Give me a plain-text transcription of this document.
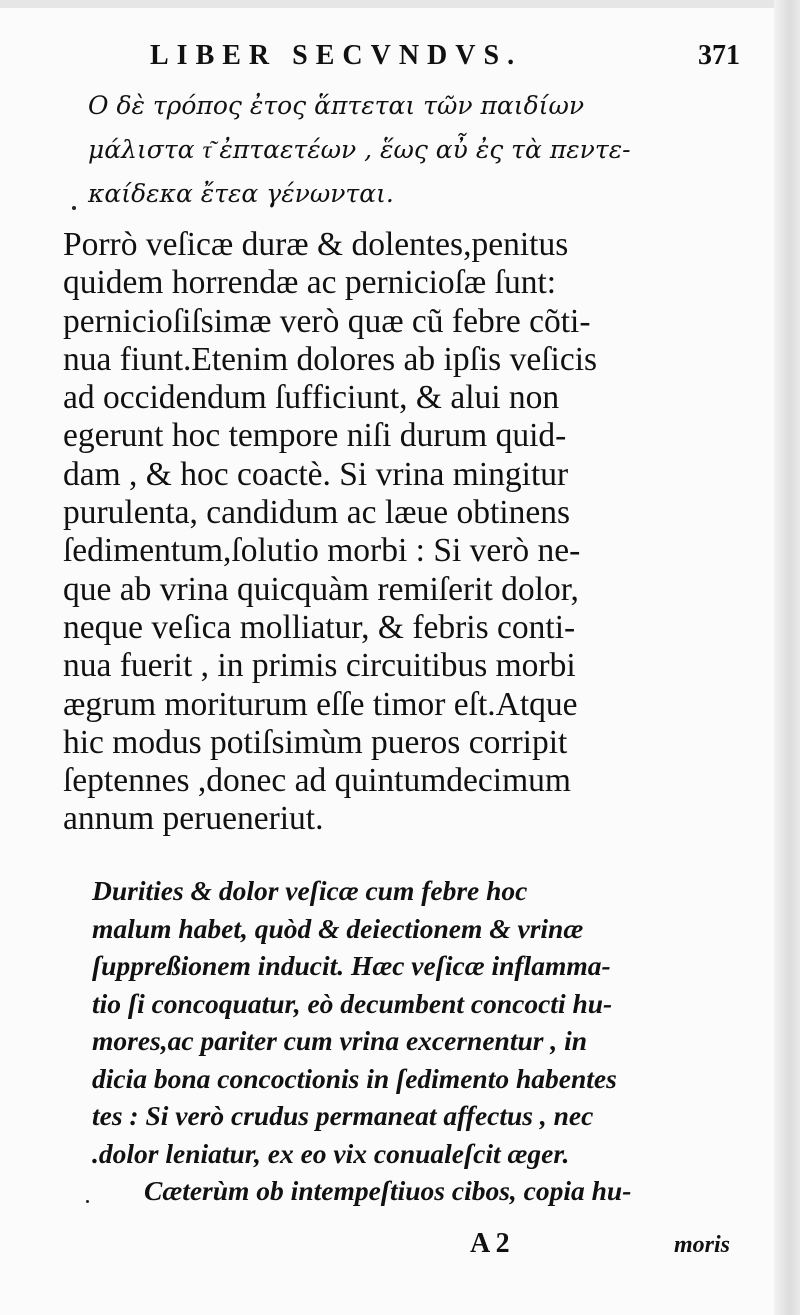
LIBER SECVNDVS.	371
Ο δὲ τρόπος ἐτος ἅπτεται τῶν παιδίων
μάλιστα τ͂ ἐπταετέων , ἕως αὖ ἐς τὰ πεντε-
καίδεκα ἔτεα γένωνται.
Porrò veſicæ duræ & dolentes,penitus
quidem horrendæ ac pernicioſæ ſunt:
pernicioſiſsimæ verò quæ cũ febre cõti-
nua fiunt.Etenim dolores ab ipſis veſicis
ad occidendum ſufficiunt, & alui non
egerunt hoc tempore niſi durum quid-
dam , & hoc coactè. Si vrina mingitur
purulenta, candidum ac læue obtinens
ſedimentum,ſolutio morbi : Si verò ne-
que ab vrina quicquàm remiſerit dolor,
neque veſica molliatur, & febris conti-
nua fuerit , in primis circuitibus morbi
ægrum moriturum eſſe timor eſt.Atque
hic modus potiſsimùm pueros corripit
ſeptennes ,donec ad quintumdecimum
annum perueneriut.
Durities & dolor veſicæ cum febre hoc
malum habet, quòd & deiectionem & vrinæ
ſuppreßionem inducit. Hæc veſicæ inflamma-
tio ſi concoquatur, eò decumbent concocti hu-
mores,ac pariter cum vrina excernentur , in
dicia bona concoctionis in ſedimento habentes
tes : Si verò crudus permaneat affectus , nec
.dolor leniatur, ex eo vix conualeſcit æger.
Cæterùm ob intempeſtiuos cibos, copia hu-
A 2	moris
